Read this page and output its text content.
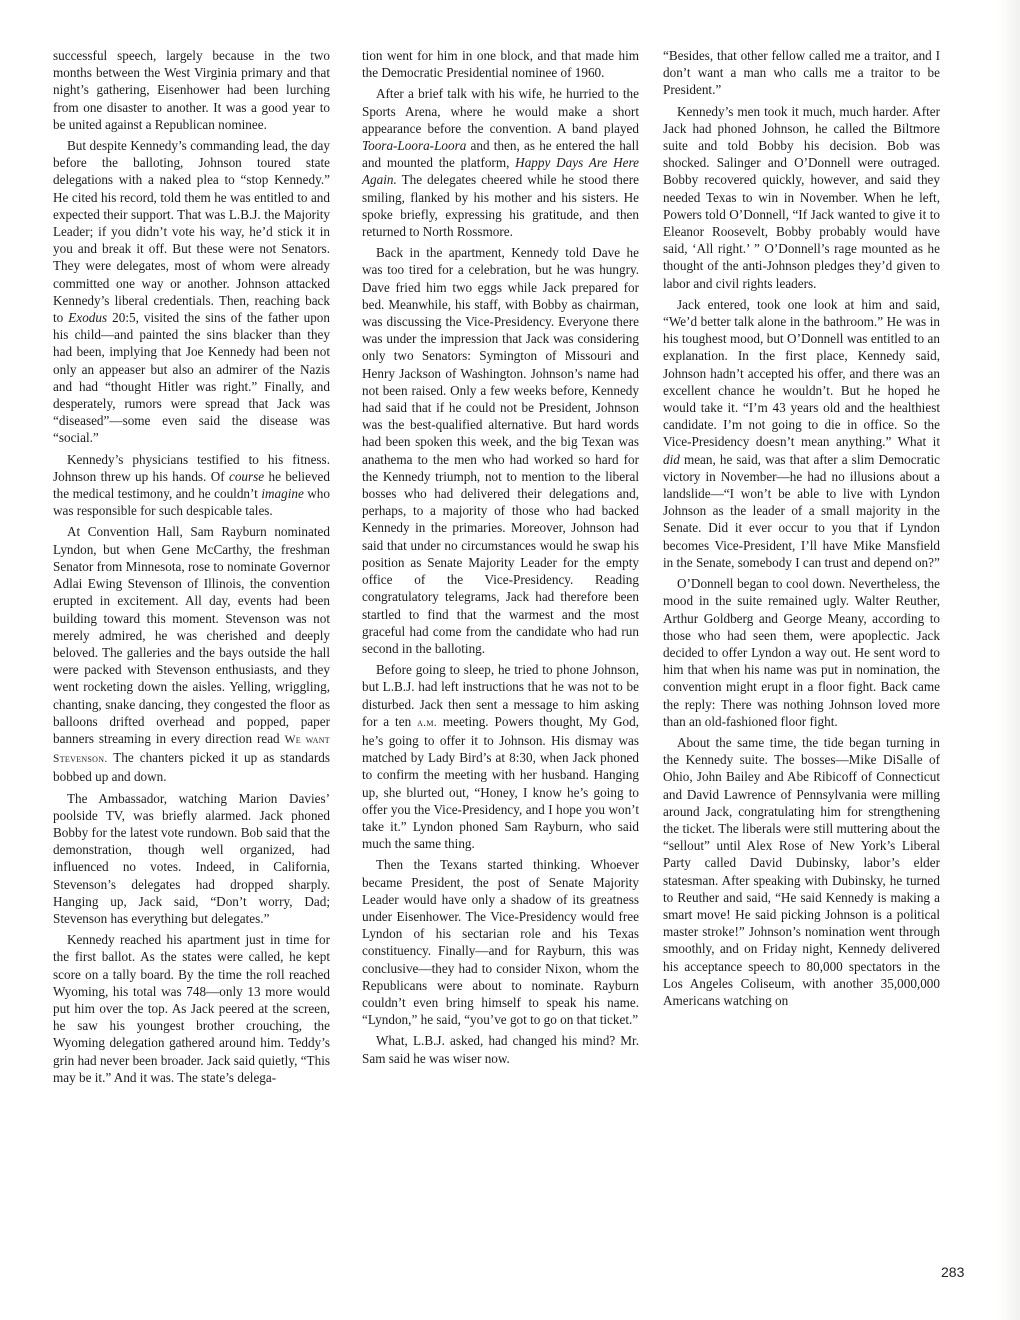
successful speech, largely because in the two months between the West Virginia primary and that night’s gathering, Eisenhower had been lurching from one disaster to another. It was a good year to be united against a Republican nominee.

But despite Kennedy’s commanding lead, the day before the balloting, Johnson toured state delegations with a naked plea to “stop Kennedy.” He cited his record, told them he was entitled to and expected their support. That was L.B.J. the Majority Leader; if you didn’t vote his way, he’d stick it in you and break it off. But these were not Senators. They were delegates, most of whom were already committed one way or another. Johnson attacked Kennedy’s liberal credentials. Then, reaching back to Exodus 20:5, visited the sins of the father upon his child—and painted the sins blacker than they had been, implying that Joe Kennedy had been not only an appeaser but also an admirer of the Nazis and had “thought Hitler was right.” Finally, and desperately, rumors were spread that Jack was “diseased”—some even said the disease was “social.”

Kennedy’s physicians testified to his fitness. Johnson threw up his hands. Of course he believed the medical testimony, and he couldn’t imagine who was responsible for such despicable tales.

At Convention Hall, Sam Rayburn nominated Lyndon, but when Gene McCarthy, the freshman Senator from Minnesota, rose to nominate Governor Adlai Ewing Stevenson of Illinois, the convention erupted in excitement. All day, events had been building toward this moment. Stevenson was not merely admired, he was cherished and deeply beloved. The galleries and the bays outside the hall were packed with Stevenson enthusiasts, and they went rocketing down the aisles. Yelling, wriggling, chanting, snake dancing, they congested the floor as balloons drifted overhead and popped, paper banners streaming in every direction read We want Stevenson. The chanters picked it up as standards bobbed up and down.

The Ambassador, watching Marion Davies’ poolside TV, was briefly alarmed. Jack phoned Bobby for the latest vote rundown. Bob said that the demonstration, though well organized, had influenced no votes. Indeed, in California, Stevenson’s delegates had dropped sharply. Hanging up, Jack said, “Don’t worry, Dad; Stevenson has everything but delegates.”

Kennedy reached his apartment just in time for the first ballot. As the states were called, he kept score on a tally board. By the time the roll reached Wyoming, his total was 748—only 13 more would put him over the top. As Jack peered at the screen, he saw his youngest brother crouching, the Wyoming delegation gathered around him. Teddy’s grin had never been broader. Jack said quietly, “This may be it.” And it was. The state’s delega-

tion went for him in one block, and that made him the Democratic Presidential nominee of 1960.

After a brief talk with his wife, he hurried to the Sports Arena, where he would make a short appearance before the convention. A band played Toora-Loora-Loora and then, as he entered the hall and mounted the platform, Happy Days Are Here Again. The delegates cheered while he stood there smiling, flanked by his mother and his sisters. He spoke briefly, expressing his gratitude, and then returned to North Rossmore.

Back in the apartment, Kennedy told Dave he was too tired for a celebration, but he was hungry. Dave fried him two eggs while Jack prepared for bed. Meanwhile, his staff, with Bobby as chairman, was discussing the Vice-Presidency. Everyone there was under the impression that Jack was considering only two Senators: Symington of Missouri and Henry Jackson of Washington. Johnson’s name had not been raised. Only a few weeks before, Kennedy had said that if he could not be President, Johnson was the best-qualified alternative. But hard words had been spoken this week, and the big Texan was anathema to the men who had worked so hard for the Kennedy triumph, not to mention to the liberal bosses who had delivered their delegations and, perhaps, to a majority of those who had backed Kennedy in the primaries. Moreover, Johnson had said that under no circumstances would he swap his position as Senate Majority Leader for the empty office of the Vice-Presidency. Reading congratulatory telegrams, Jack had therefore been startled to find that the warmest and the most graceful had come from the candidate who had run second in the balloting.

Before going to sleep, he tried to phone Johnson, but L.B.J. had left instructions that he was not to be disturbed. Jack then sent a message to him asking for a ten a.m. meeting. Powers thought, My God, he’s going to offer it to Johnson. His dismay was matched by Lady Bird’s at 8:30, when Jack phoned to confirm the meeting with her husband. Hanging up, she blurted out, “Honey, I know he’s going to offer you the Vice-Presidency, and I hope you won’t take it.” Lyndon phoned Sam Rayburn, who said much the same thing.

Then the Texans started thinking. Whoever became President, the post of Senate Majority Leader would have only a shadow of its greatness under Eisenhower. The Vice-Presidency would free Lyndon of his sectarian role and his Texas constituency. Finally—and for Rayburn, this was conclusive—they had to consider Nixon, whom the Republicans were about to nominate. Rayburn couldn’t even bring himself to speak his name. “Lyndon,” he said, “you’ve got to go on that ticket.”

What, L.B.J. asked, had changed his mind? Mr. Sam said he was wiser now.

“Besides, that other fellow called me a traitor, and I don’t want a man who calls me a traitor to be President.”

Kennedy’s men took it much, much harder. After Jack had phoned Johnson, he called the Biltmore suite and told Bobby his decision. Bob was shocked. Salinger and O’Donnell were outraged. Bobby recovered quickly, however, and said they needed Texas to win in November. When he left, Powers told O’Donnell, “If Jack wanted to give it to Eleanor Roosevelt, Bobby probably would have said, ‘All right.’ ” O’Donnell’s rage mounted as he thought of the anti-Johnson pledges they’d given to labor and civil rights leaders.

Jack entered, took one look at him and said, “We’d better talk alone in the bathroom.” He was in his toughest mood, but O’Donnell was entitled to an explanation. In the first place, Kennedy said, Johnson hadn’t accepted his offer, and there was an excellent chance he wouldn’t. But he hoped he would take it. “I’m 43 years old and the healthiest candidate. I’m not going to die in office. So the Vice-Presidency doesn’t mean anything.” What it did mean, he said, was that after a slim Democratic victory in November—he had no illusions about a landslide—“I won’t be able to live with Lyndon Johnson as the leader of a small majority in the Senate. Did it ever occur to you that if Lyndon becomes Vice-President, I’ll have Mike Mansfield in the Senate, somebody I can trust and depend on?”

O’Donnell began to cool down. Nevertheless, the mood in the suite remained ugly. Walter Reuther, Arthur Goldberg and George Meany, according to those who had seen them, were apoplectic. Jack decided to offer Lyndon a way out. He sent word to him that when his name was put in nomination, the convention might erupt in a floor fight. Back came the reply: There was nothing Johnson loved more than an old-fashioned floor fight.

About the same time, the tide began turning in the Kennedy suite. The bosses—Mike DiSalle of Ohio, John Bailey and Abe Ribicoff of Connecticut and David Lawrence of Pennsylvania were milling around Jack, congratulating him for strengthening the ticket. The liberals were still muttering about the “sellout” until Alex Rose of New York’s Liberal Party called David Dubinsky, labor’s elder statesman. After speaking with Dubinsky, he turned to Reuther and said, “He said Kennedy is making a smart move! He said picking Johnson is a political master stroke!” Johnson’s nomination went through smoothly, and on Friday night, Kennedy delivered his acceptance speech to 80,000 spectators in the Los Angeles Coliseum, with another 35,000,000 Americans watching on

283
